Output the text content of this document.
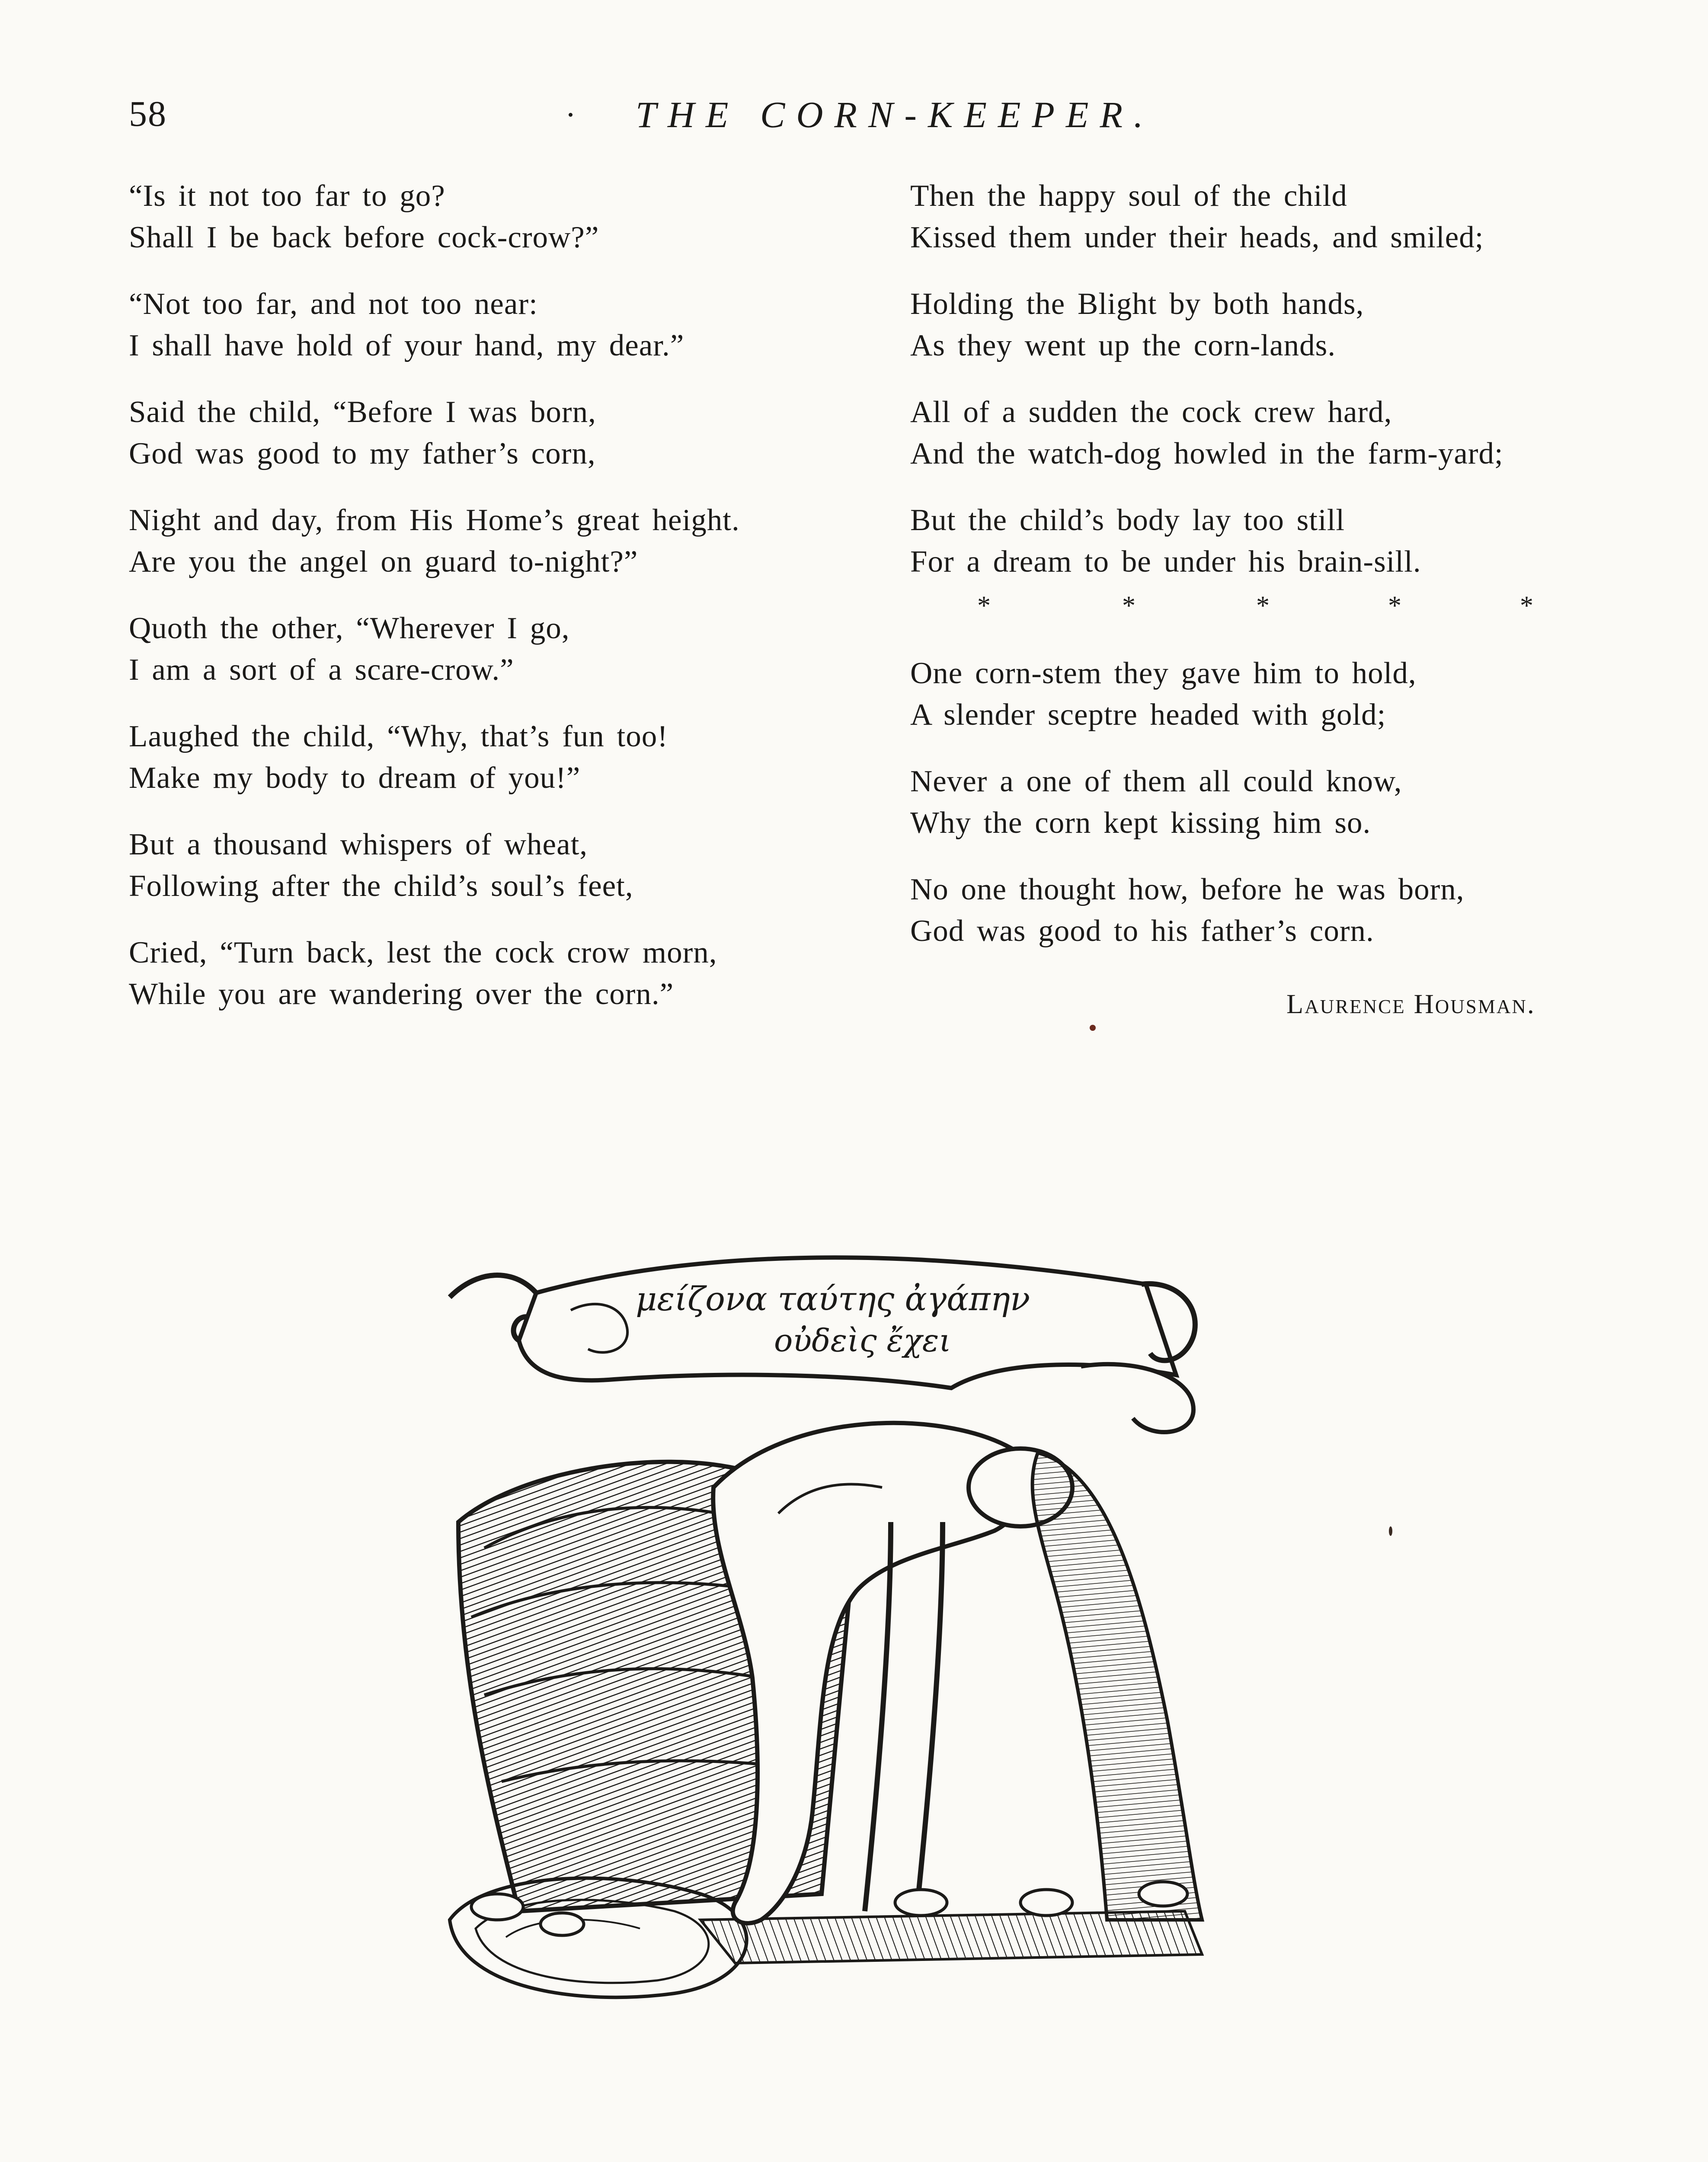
58	THE CORN-KEEPER.
“Is it not too far to go?
Shall I be back before cock-crow?”
“Not too far, and not too near:
I shall have hold of your hand, my dear.”
Said the child, “Before I was born,
God was good to my father’s corn,
Night and day, from His Home’s great height.
Are you the angel on guard to-night?”
Quoth the other, “Wherever I go,
I am a sort of a scare-crow.”
Laughed the child, “Why, that’s fun too!
Make my body to dream of you!”
But a thousand whispers of wheat,
Following after the child’s soul’s feet,
Cried, “Turn back, lest the cock crow morn,
While you are wandering over the corn.”
Then the happy soul of the child
Kissed them under their heads, and smiled;
Holding the Blight by both hands,
As they went up the corn-lands.
All of a sudden the cock crew hard,
And the watch-dog howled in the farm-yard;
But the child’s body lay too still
For a dream to be under his brain-sill.
*	*	*	*	*
One corn-stem they gave him to hold,
A slender sceptre headed with gold;
Never a one of them all could know,
Why the corn kept kissing him so.
No one thought how, before he was born,
God was good to his father’s corn.
Laurence Housman.
μείζονα ταύτης ἀγάπην
οὐδεὶς ἔχει
